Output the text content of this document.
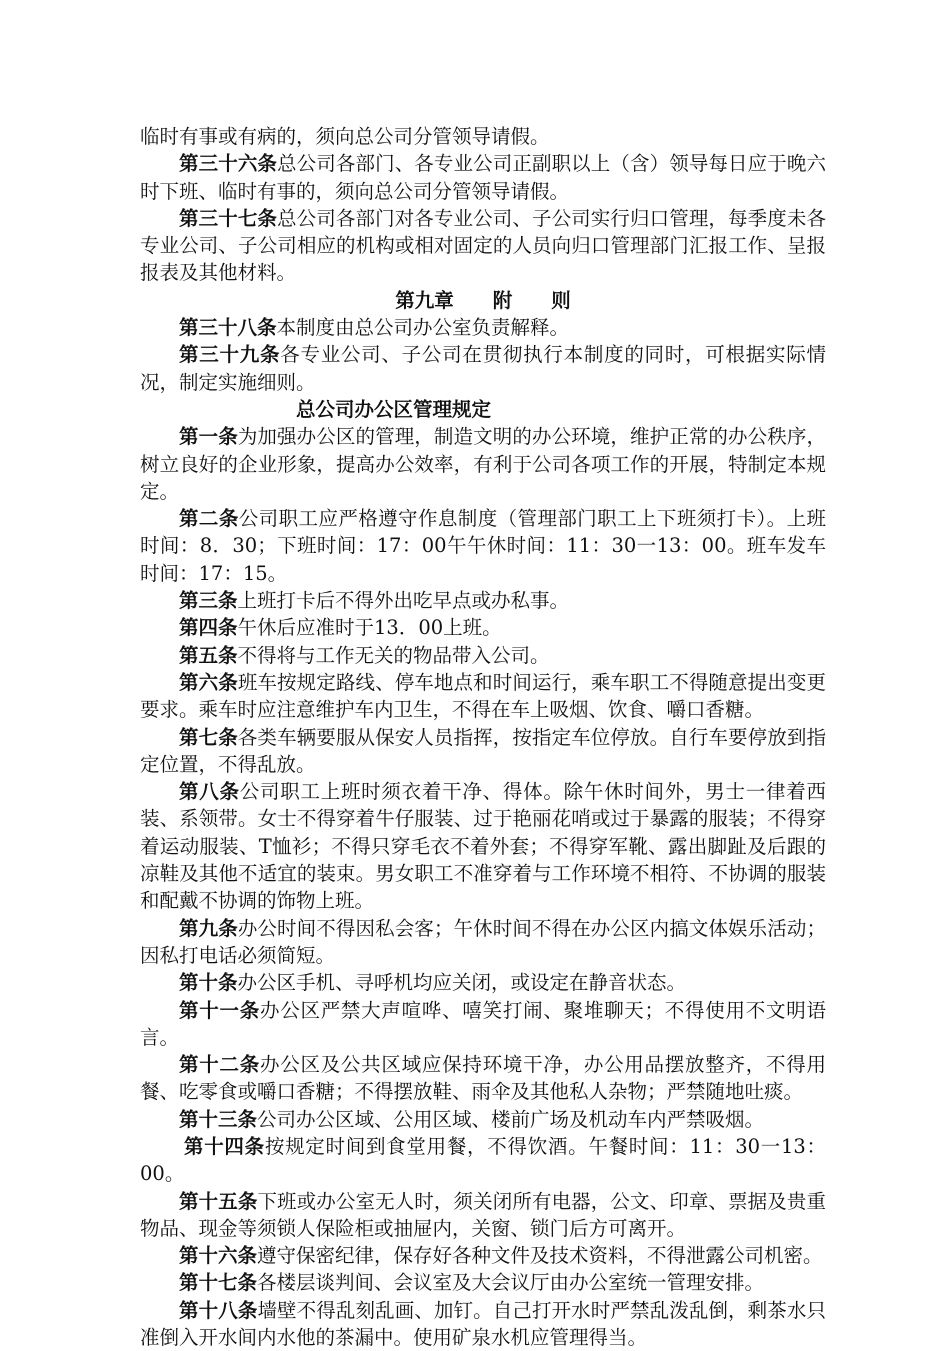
临时有事或有病的，须向总公司分管领导请假。

第三十六条总公司各部门、各专业公司正副职以上（含）领导每日应于晚六时下班、临时有事的，须向总公司分管领导请假。

第三十七条总公司各部门对各专业公司、子公司实行归口管理，每季度未各专业公司、子公司相应的机构或相对固定的人员向归口管理部门汇报工作、呈报报表及其他材料。

第九章　　附　　则

第三十八条本制度由总公司办公室负责解释。

第三十九条各专业公司、子公司在贯彻执行本制度的同时，可根据实际情况，制定实施细则。

总公司办公区管理规定

第一条为加强办公区的管理，制造文明的办公环境，维护正常的办公秩序，树立良好的企业形象，提高办公效率，有利于公司各项工作的开展，特制定本规定。

第二条公司职工应严格遵守作息制度（管理部门职工上下班须打卡）。上班时间：8．30；下班时间：17：00午午休时间：11：30一13：00。班车发车时间：17：15。

第三条上班打卡后不得外出吃早点或办私事。

第四条午休后应准时于13．00上班。

第五条不得将与工作无关的物品带入公司。

第六条班车按规定路线、停车地点和时间运行，乘车职工不得随意提出变更要求。乘车时应注意维护车内卫生，不得在车上吸烟、饮食、嚼口香糖。

第七条各类车辆要服从保安人员指挥，按指定车位停放。自行车要停放到指定位置，不得乱放。

第八条公司职工上班时须衣着干净、得体。除午休时间外，男士一律着西装、系领带。女士不得穿着牛仔服装、过于艳丽花哨或过于暴露的服装；不得穿着运动服装、T恤衫；不得只穿毛衣不着外套；不得穿军靴、露出脚趾及后跟的凉鞋及其他不适宜的装束。男女职工不准穿着与工作环境不相符、不协调的服装和配戴不协调的饰物上班。

第九条办公时间不得因私会客；午休时间不得在办公区内搞文体娱乐活动；因私打电话必须简短。

第十条办公区手机、寻呼机均应关闭，或设定在静音状态。

第十一条办公区严禁大声喧哗、嘻笑打闹、聚堆聊天；不得使用不文明语言。

第十二条办公区及公共区域应保持环境干净，办公用品摆放整齐，不得用餐、吃零食或嚼口香糖；不得摆放鞋、雨伞及其他私人杂物；严禁随地吐痰。

第十三条公司办公区域、公用区域、楼前广场及机动车内严禁吸烟。

第十四条按规定时间到食堂用餐，不得饮酒。午餐时间：11：30一13：00。

第十五条下班或办公室无人时，须关闭所有电器，公文、印章、票据及贵重物品、现金等须锁人保险柜或抽屉内，关窗、锁门后方可离开。

第十六条遵守保密纪律，保存好各种文件及技术资料，不得泄露公司机密。

第十七条各楼层谈判间、会议室及大会议厅由办公室统一管理安排。

第十八条墙壁不得乱刻乱画、加钉。自己打开水时严禁乱泼乱倒，剩茶水只准倒入开水间内水他的茶漏中。使用矿泉水机应管理得当。
